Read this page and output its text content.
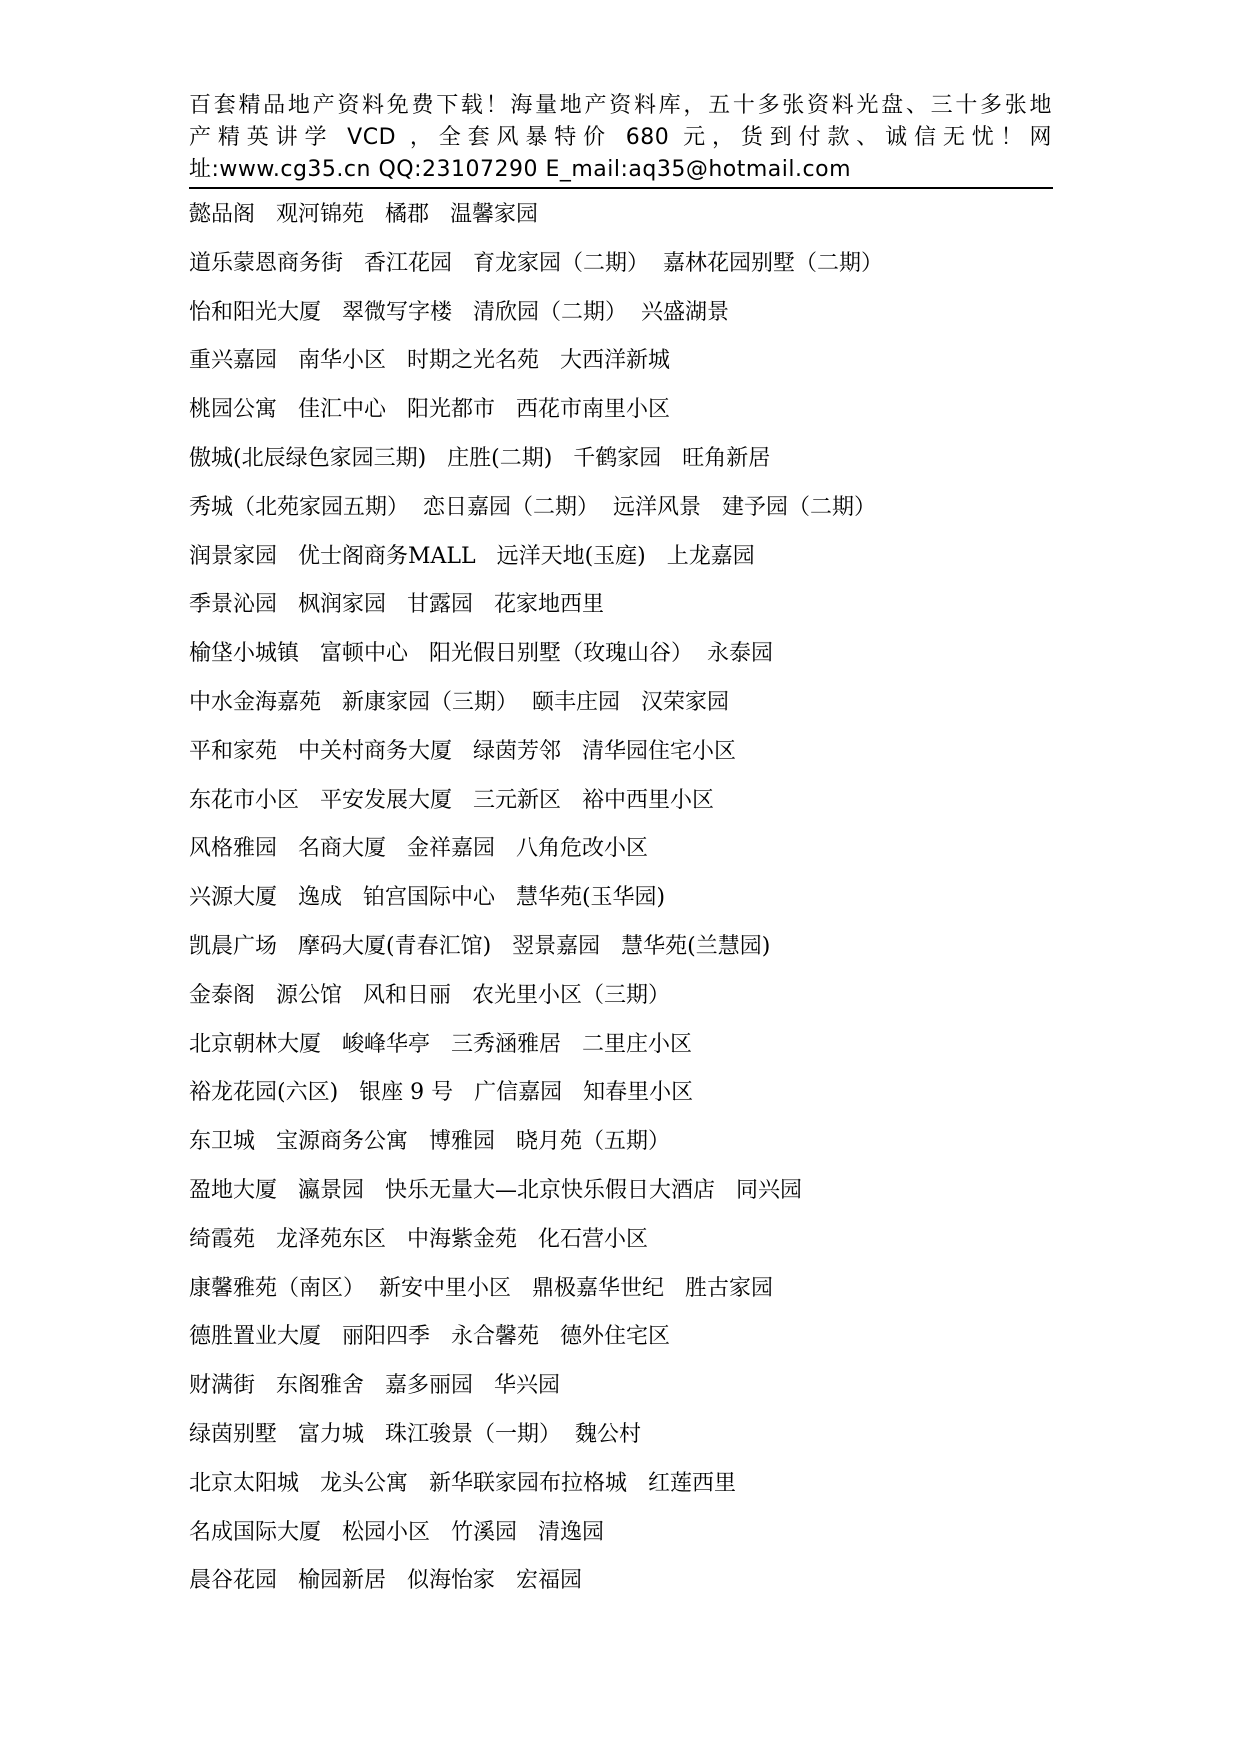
百套精品地产资料免费下载！海量地产资料库，五十多张资料光盘、三十多张地
产精英讲学 VCD ，全套风暴特价 680 元，货到付款、诚信无忧！网
址:www.cg35.cn QQ:23107290 E_mail:aq35@hotmail.com
懿品阁   观河锦苑   橘郡   温馨家园
道乐蒙恩商务街   香江花园   育龙家园（二期）  嘉林花园别墅（二期）
怡和阳光大厦   翠微写字楼   清欣园（二期）  兴盛湖景
重兴嘉园   南华小区   时期之光名苑   大西洋新城
桃园公寓   佳汇中心   阳光都市   西花市南里小区
傲城(北辰绿色家园三期)   庄胜(二期)   千鹤家园   旺角新居
秀城（北苑家园五期）  恋日嘉园（二期）  远洋风景   建予园（二期）
润景家园   优士阁商务MALL   远洋天地(玉庭)   上龙嘉园
季景沁园   枫润家园   甘露园   花家地西里
榆垡小城镇   富顿中心   阳光假日别墅（玫瑰山谷）  永泰园
中水金海嘉苑   新康家园（三期）  颐丰庄园   汉荣家园
平和家苑   中关村商务大厦   绿茵芳邻   清华园住宅小区
东花市小区   平安发展大厦   三元新区   裕中西里小区
风格雅园   名商大厦   金祥嘉园   八角危改小区
兴源大厦   逸成   铂宫国际中心   慧华苑(玉华园)
凯晨广场   摩码大厦(青春汇馆)   翌景嘉园   慧华苑(兰慧园)
金泰阁   源公馆   风和日丽   农光里小区（三期）
北京朝林大厦   峻峰华亭   三秀涵雅居   二里庄小区
裕龙花园(六区)   银座 9 号   广信嘉园   知春里小区
东卫城   宝源商务公寓   博雅园   晓月苑（五期）
盈地大厦   瀛景园   快乐无量大—北京快乐假日大酒店   同兴园
绮霞苑   龙泽苑东区   中海紫金苑   化石营小区
康馨雅苑（南区）  新安中里小区   鼎极嘉华世纪   胜古家园
德胜置业大厦   丽阳四季   永合馨苑   德外住宅区
财满街   东阁雅舍   嘉多丽园   华兴园
绿茵别墅   富力城   珠江骏景（一期）  魏公村
北京太阳城   龙头公寓   新华联家园布拉格城   红莲西里
名成国际大厦   松园小区   竹溪园   清逸园
晨谷花园   榆园新居   似海怡家   宏福园
